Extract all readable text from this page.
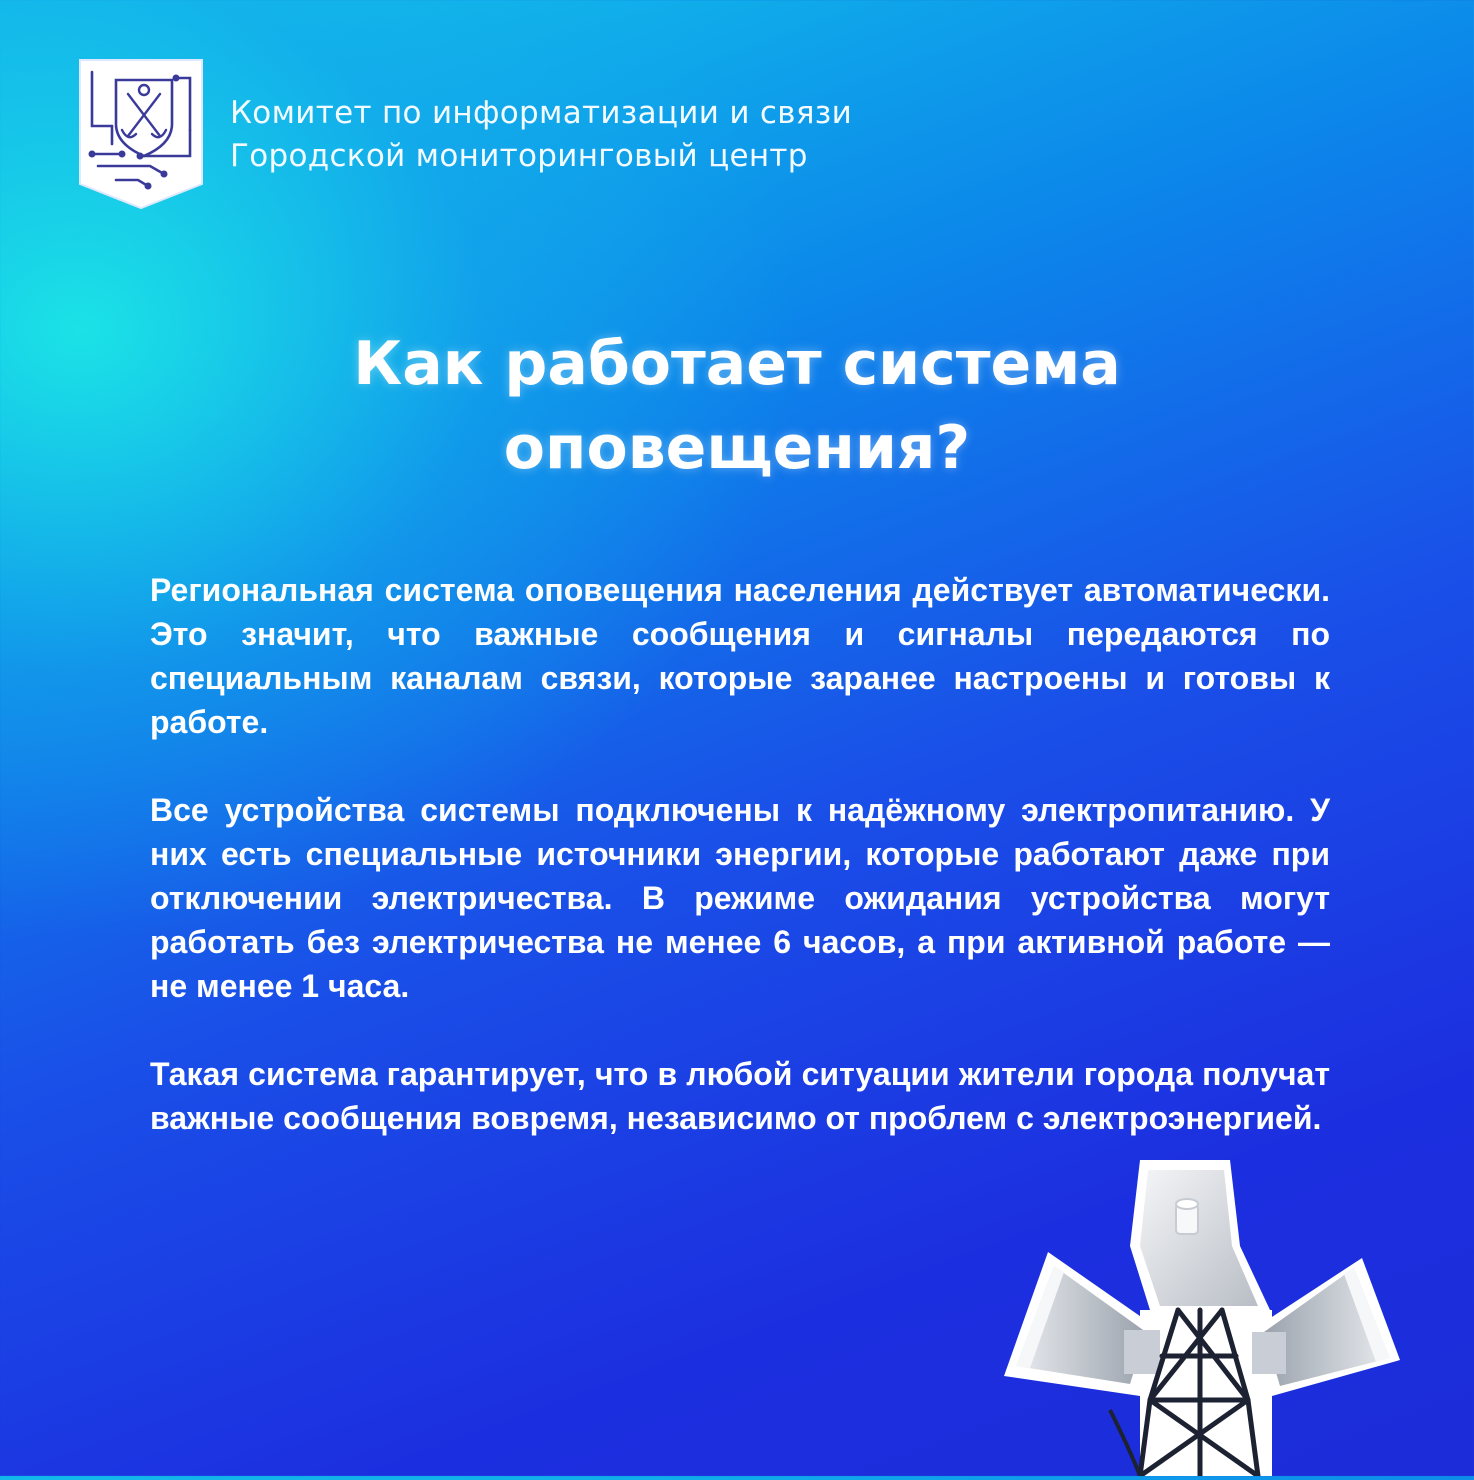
Комитет по информатизации и связи
Городской мониторинговый центр
Как работает система
оповещения?

Региональная система оповещения населения действует автоматически. Это значит, что важные сообщения и сигналы передаются по специальным каналам связи, которые заранее настроены и готовы к работе.

Все устройства системы подключены к надёжному электропитанию. У них есть специальные источники энергии, которые работают даже при отключении электричества. В режиме ожидания устройства могут работать без электричества не менее 6 часов, а при активной работе — не менее 1 часа.

Такая система гарантирует, что в любой ситуации жители города получат важные сообщения вовремя, независимо от проблем с электроэнергией.
